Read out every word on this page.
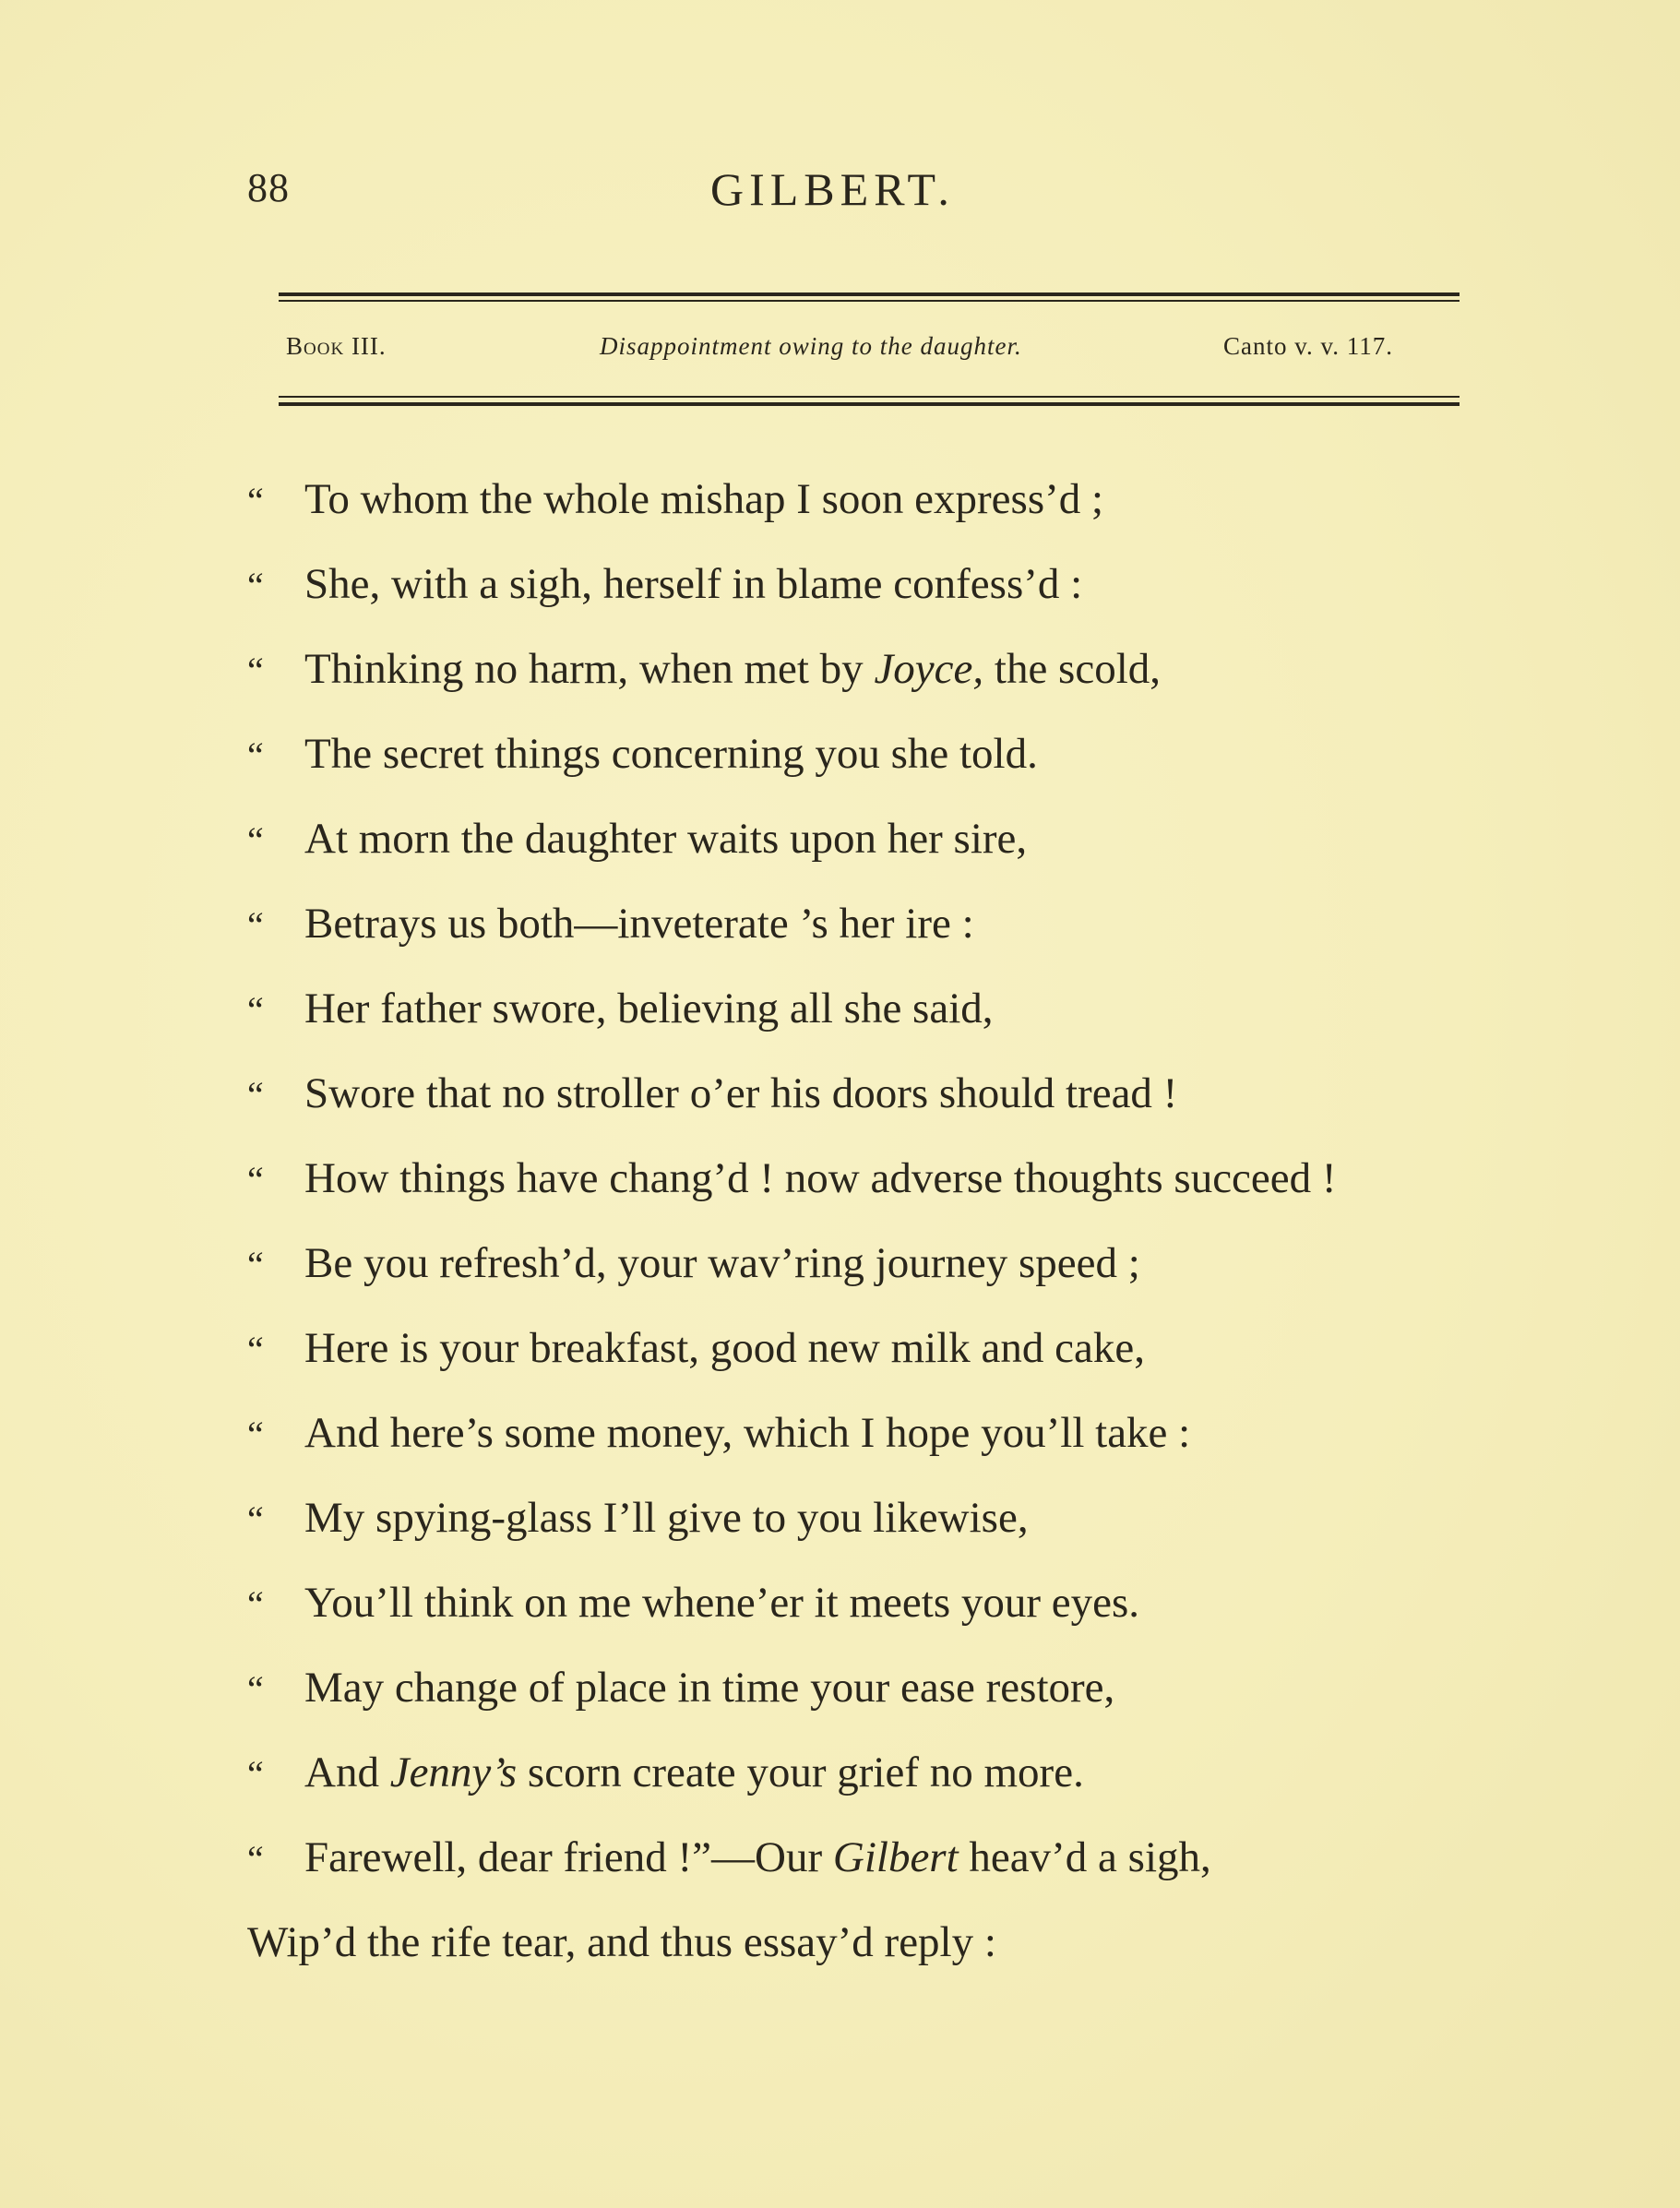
88	GILBERT.
Book III.	Disappointment owing to the daughter.	Canto v. v. 117.
“ To whom the whole mishap I soon express’d ;
“ She, with a sigh, herself in blame confess’d :
“ Thinking no harm, when met by Joyce, the scold,
“ The secret things concerning you she told.
“ At morn the daughter waits upon her sire,
“ Betrays us both—inveterate ’s her ire :
“ Her father swore, believing all she said,
“ Swore that no stroller o’er his doors should tread !
“ How things have chang’d ! now adverse thoughts succeed !
“ Be you refresh’d, your wav’ring journey speed ;
“ Here is your breakfast, good new milk and cake,
“ And here’s some money, which I hope you’ll take :
“ My spying-glass I’ll give to you likewise,
“ You’ll think on me whene’er it meets your eyes.
“ May change of place in time your ease restore,
“ And Jenny’s scorn create your grief no more.
“ Farewell, dear friend !”—Our Gilbert heav’d a sigh,
Wip’d the rife tear, and thus essay’d reply :
